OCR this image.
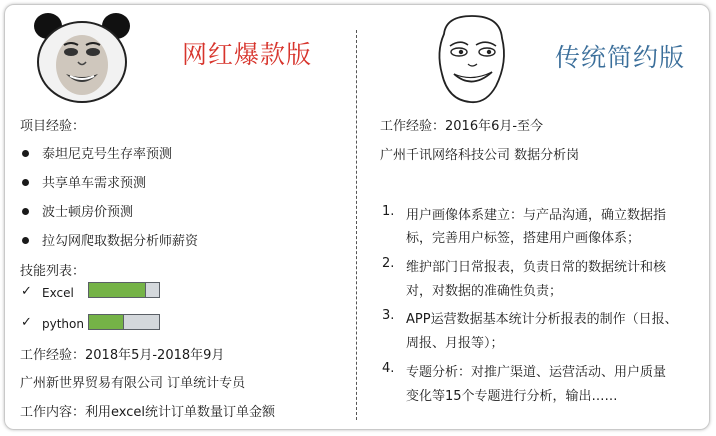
网红爆款版	传统简约版
项目经验：
泰坦尼克号生存率预测
共享单车需求预测
波士顿房价预测
拉勾网爬取数据分析师薪资
技能列表：
✓ Excel
✓ python
工作经验：2018年5月-2018年9月
广州新世界贸易有限公司 订单统计专员
工作内容：利用excel统计订单数量订单金额
工作经验：2016年6月-至今
广州千讯网络科技公司 数据分析岗
1. 用户画像体系建立：与产品沟通，确立数据指
标，完善用户标签，搭建用户画像体系；
2. 维护部门日常报表，负责日常的数据统计和核
对，对数据的准确性负责；
3. APP运营数据基本统计分析报表的制作（日报、
周报、月报等）；
4. 专题分析：对推广渠道、运营活动、用户质量
变化等15个专题进行分析，输出……
